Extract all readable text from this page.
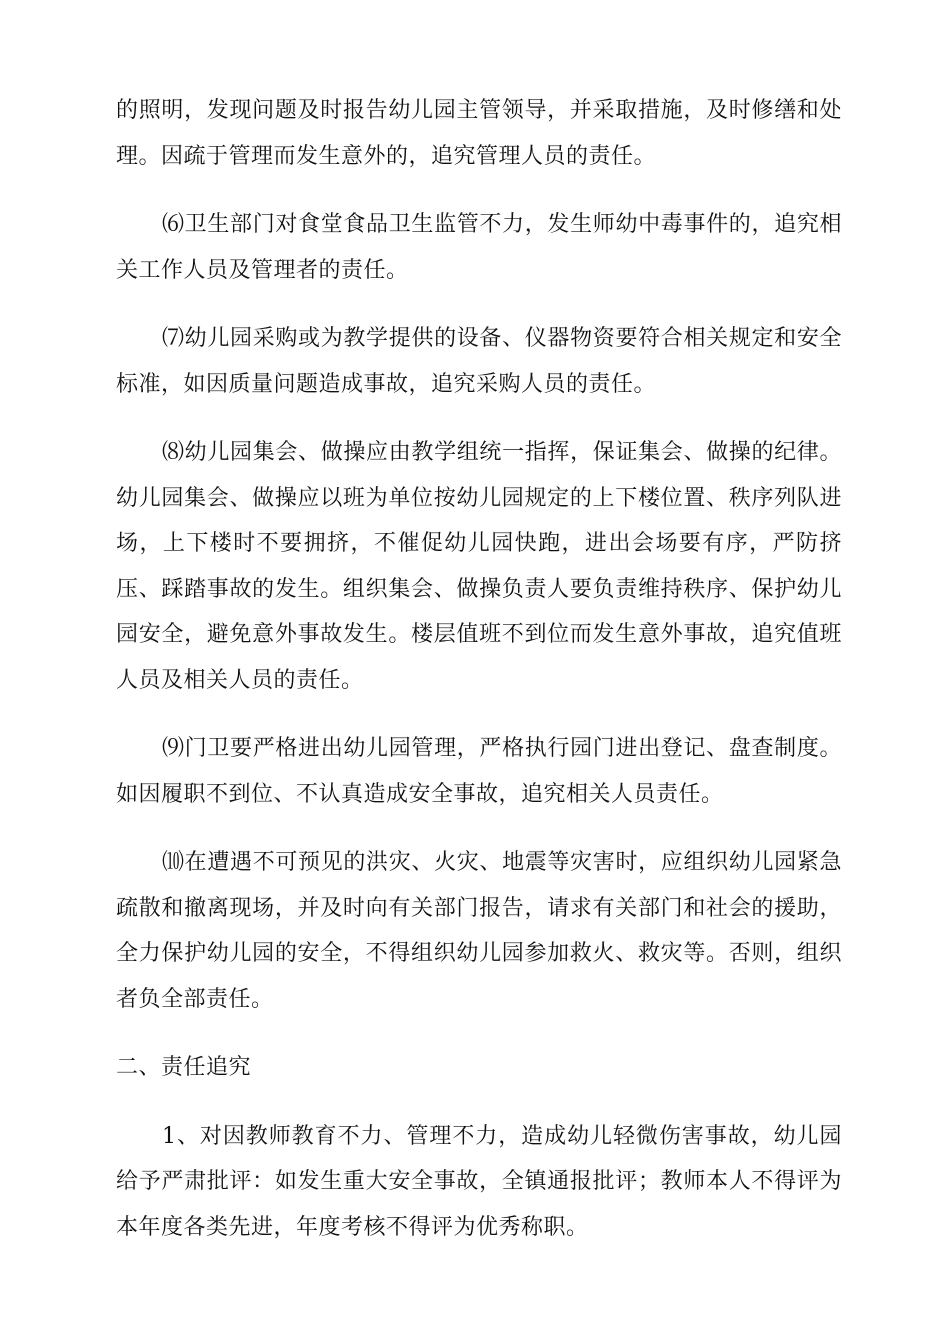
的照明，发现问题及时报告幼儿园主管领导，并采取措施，及时修缮和处理。因疏于管理而发生意外的，追究管理人员的责任。

⑹卫生部门对食堂食品卫生监管不力，发生师幼中毒事件的，追究相关工作人员及管理者的责任。

⑺幼儿园采购或为教学提供的设备、仪器物资要符合相关规定和安全标准，如因质量问题造成事故，追究采购人员的责任。

⑻幼儿园集会、做操应由教学组统一指挥，保证集会、做操的纪律。幼儿园集会、做操应以班为单位按幼儿园规定的上下楼位置、秩序列队进场，上下楼时不要拥挤，不催促幼儿园快跑，进出会场要有序，严防挤压、踩踏事故的发生。组织集会、做操负责人要负责维持秩序、保护幼儿园安全，避免意外事故发生。楼层值班不到位而发生意外事故，追究值班人员及相关人员的责任。

⑼门卫要严格进出幼儿园管理，严格执行园门进出登记、盘查制度。如因履职不到位、不认真造成安全事故，追究相关人员责任。

⑽在遭遇不可预见的洪灾、火灾、地震等灾害时，应组织幼儿园紧急疏散和撤离现场，并及时向有关部门报告，请求有关部门和社会的援助，全力保护幼儿园的安全，不得组织幼儿园参加救火、救灾等。否则，组织者负全部责任。

二、责任追究

1、对因教师教育不力、管理不力，造成幼儿轻微伤害事故，幼儿园给予严肃批评：如发生重大安全事故，全镇通报批评；教师本人不得评为本年度各类先进，年度考核不得评为优秀称职。
